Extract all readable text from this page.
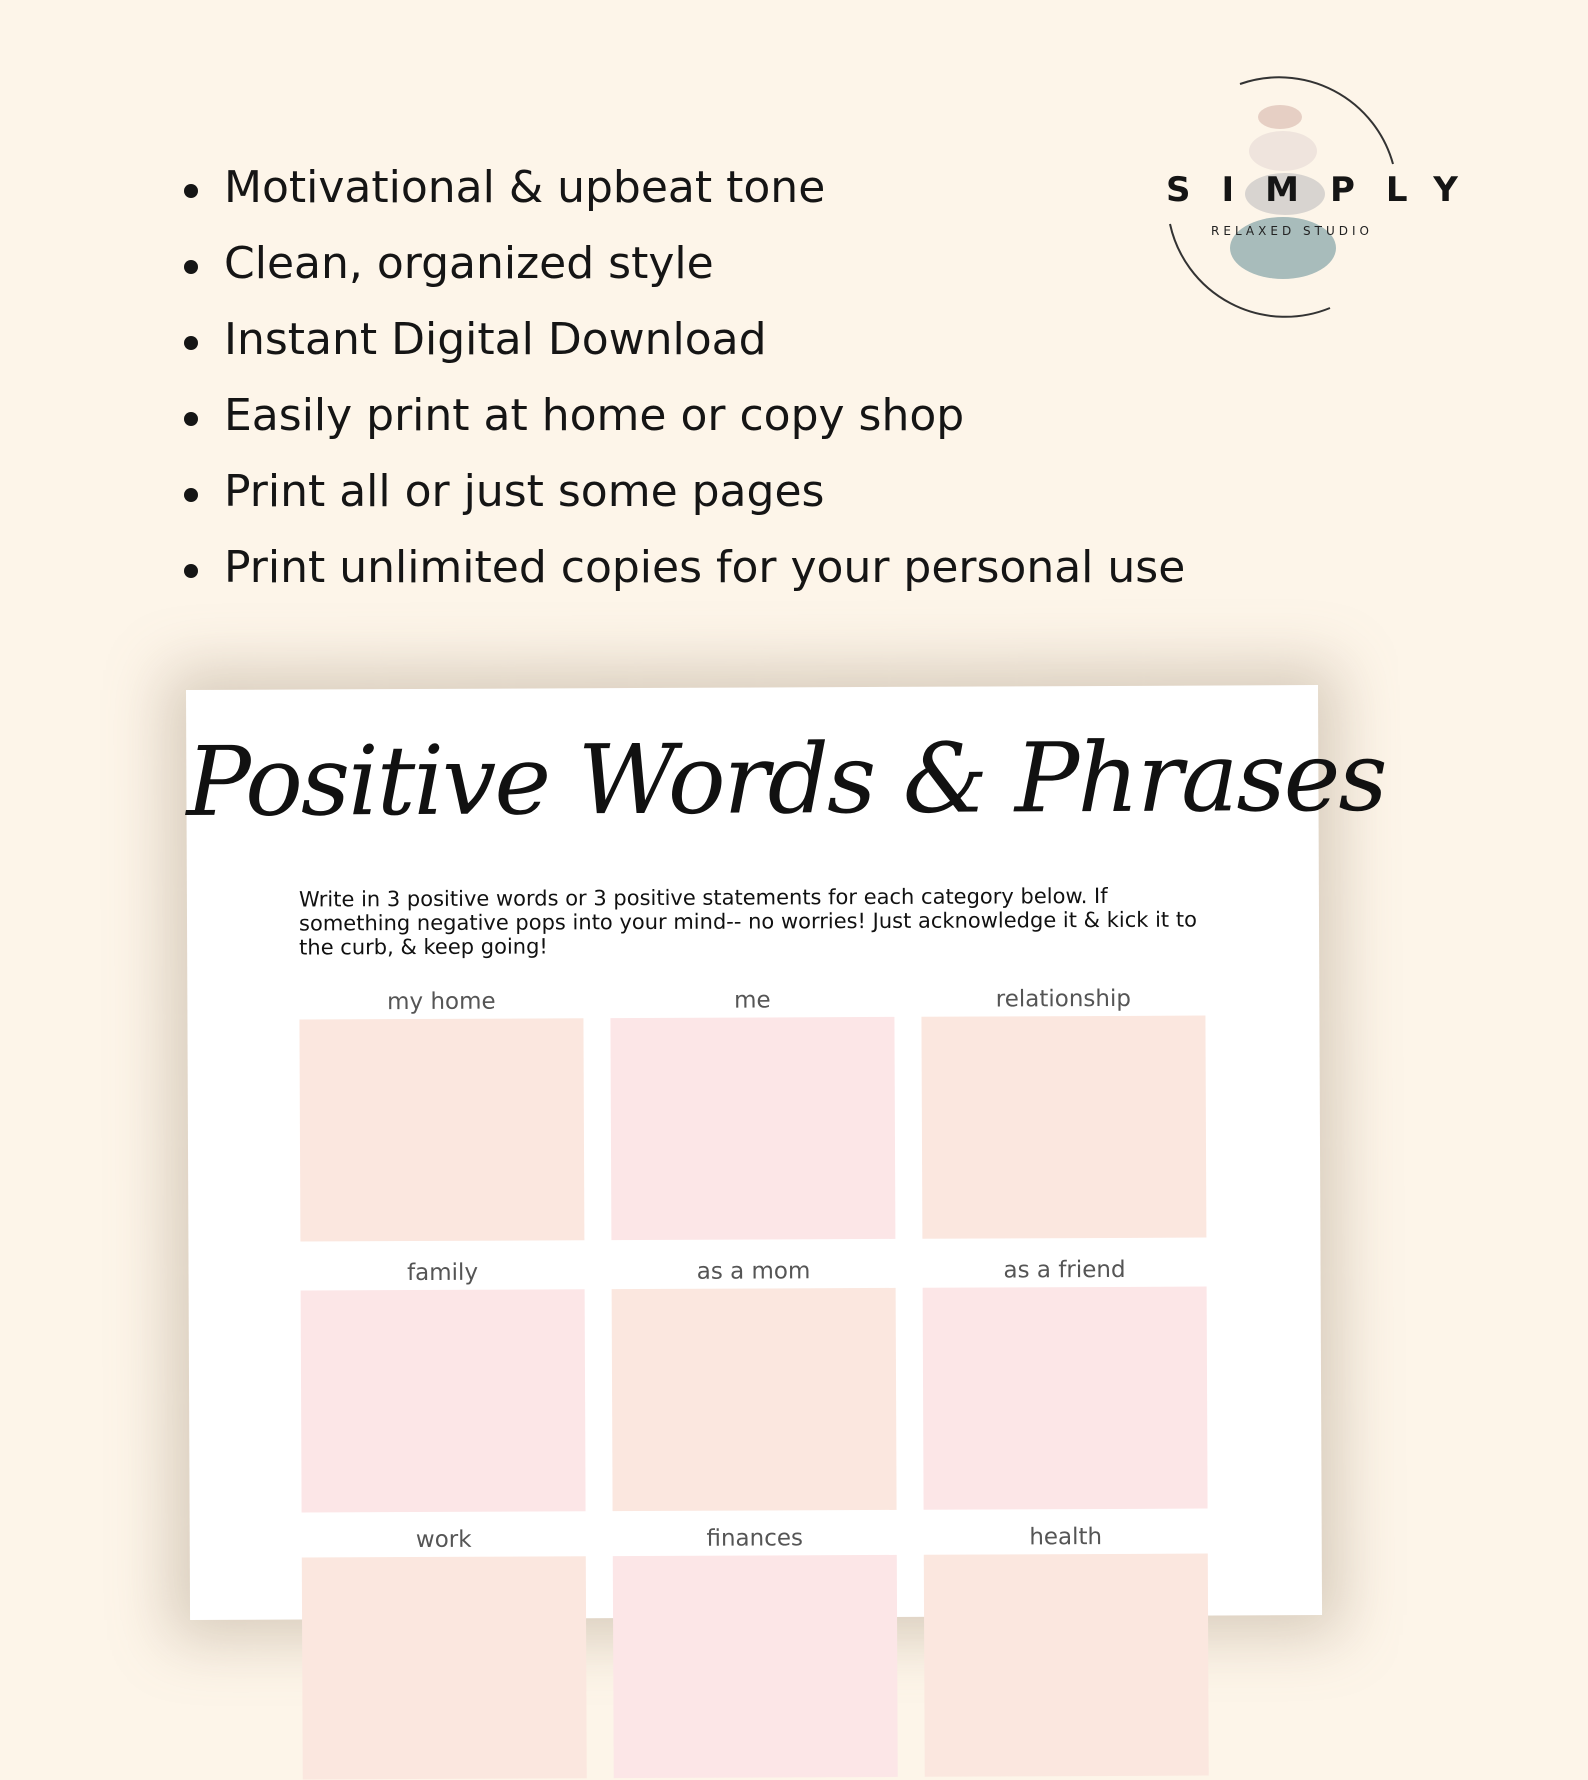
Motivational & upbeat tone
Clean, organized style
Instant Digital Download
Easily print at home or copy shop
Print all or just some pages
Print unlimited copies for your personal use
SIMPLY
RELAXED STUDIO
Positive Words & Phrases

Write in 3 positive words or 3 positive statements for each category below. If something negative pops into your mind-- no worries! Just acknowledge it & kick it to the curb, & keep going!

my home	me	relationship
family	as a mom	as a friend
work	finances	health
